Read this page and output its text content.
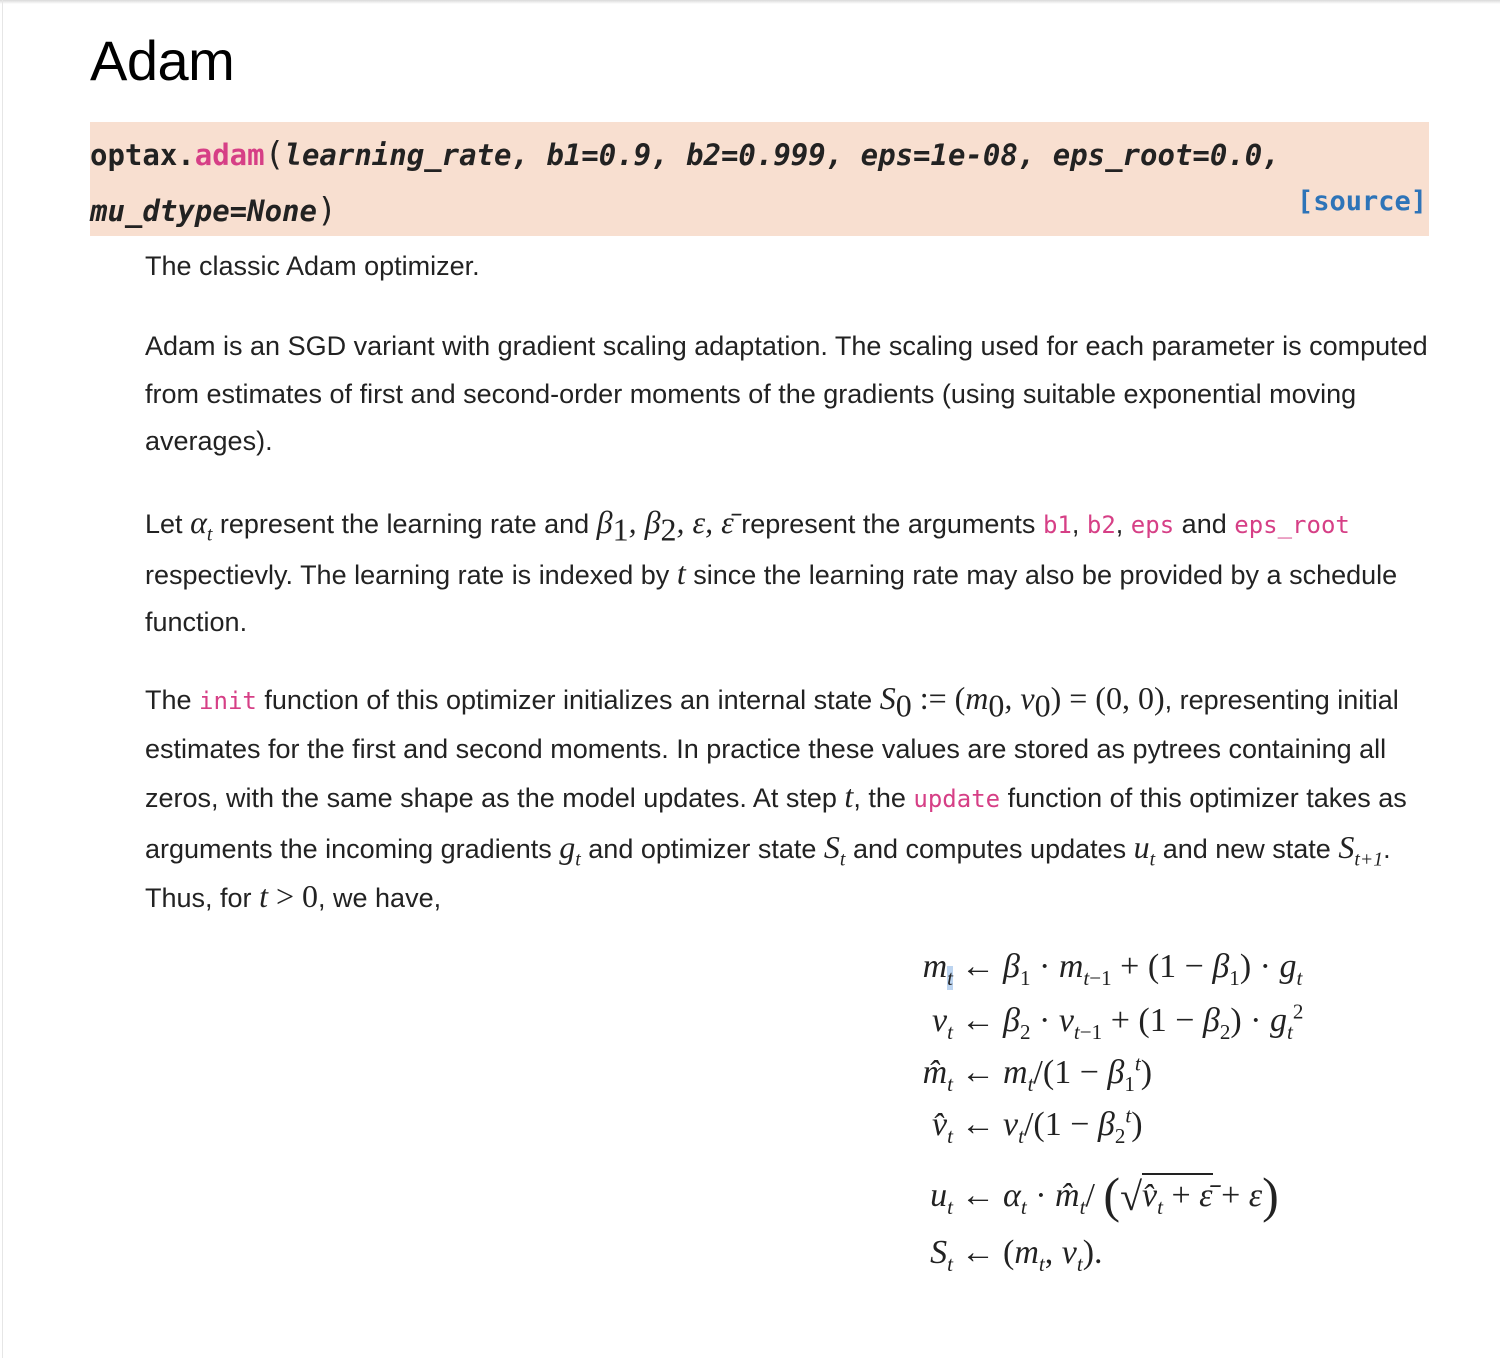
Adam
optax.adam(learning_rate, b1=0.9, b2=0.999, eps=1e-08, eps_root=0.0,
mu_dtype=None)	[source]

The classic Adam optimizer.

Adam is an SGD variant with gradient scaling adaptation. The scaling used for each parameter is computed from estimates of first and second-order moments of the gradients (using suitable exponential moving averages).

Let $\alpha_t$ represent the learning rate and $\beta_1$, $\beta_2$, ε, ε̄ represent the arguments b1, b2, eps and eps_root respectievly. The learning rate is indexed by t since the learning rate may also be provided by a schedule function.

The init function of this optimizer initializes an internal state $S_0$ := ($m_0$, $v_0) = (0$, 0), representing initial estimates for the first and second moments. In practice these values are stored as pytrees containing all zeros, with the same shape as the model updates. At step t, the update function of this optimizer takes as arguments the incoming gradients $g_t$ and optimizer state $S_t$ and computes updates $u_t$ and new state $S_{t+1}$. Thus, for t > 0, we have,

$m_t$ ← $\beta_1 \cdot m_{t-1} + (1 - \beta_1) \cdot g_t$
$v_t$ ← $\beta_2 \cdot v_{t-1} + (1 - \beta_2) \cdot g_t^2$
$m̂_t$ ← $m_t/(1 - \beta_1^t)$
$v̂_t$ ← $v_t/(1 - \beta_2^t)$
$u_t$ ← $\alpha_t$ · $m̂_t/$ ($√v̂_t$ + ε̄ + ε)
$S_t$ ← ($m_t$, $v_t$).
